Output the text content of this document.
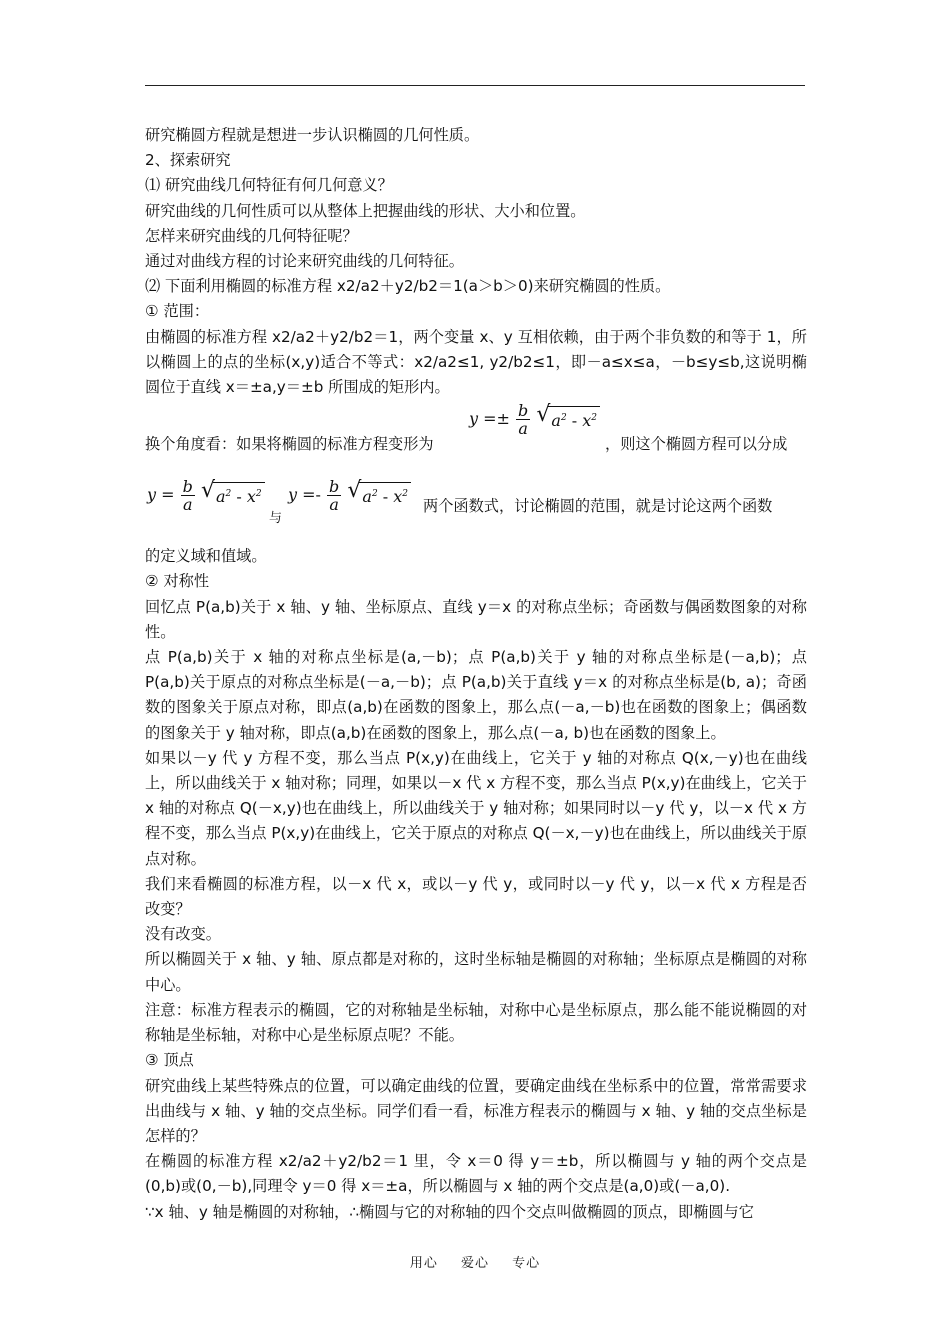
研究椭圆方程就是想进一步认识椭圆的几何性质。

2、探索研究

⑴ 研究曲线几何特征有何几何意义？

研究曲线的几何性质可以从整体上把握曲线的形状、大小和位置。

怎样来研究曲线的几何特征呢？

通过对曲线方程的讨论来研究曲线的几何特征。

⑵ 下面利用椭圆的标准方程 x2/a2＋y2/b2＝1(a＞b＞0)来研究椭圆的性质。

① 范围：

由椭圆的标准方程 x2/a2＋y2/b2＝1，两个变量 x、y 互相依赖，由于两个非负数的和等于 1，所以椭圆上的点的坐标(x,y)适合不等式：x2/a2≤1, y2/b2≤1，即－a≤x≤a，－b≤y≤b,这说明椭圆位于直线 x＝±a,y＝±b 所围成的矩形内。

换个角度看：如果将椭圆的标准方程变形为
$y =\pm \frac{b}{a}$
√ $a^2 - x^2$
，则这个椭圆方程可以分成
$y = \frac{b}{a}$
√ $a^2 - x^2$
与
$y =- \frac{b}{a}$
√ $a^2 - x^2$
两个函数式，讨论椭圆的范围，就是讨论这两个函数

的定义域和值域。

② 对称性

回忆点 P(a,b)关于 x 轴、y 轴、坐标原点、直线 y＝x 的对称点坐标；奇函数与偶函数图象的对称性。

点 P(a,b)关于 x 轴的对称点坐标是(a,－b)；点 P(a,b)关于 y 轴的对称点坐标是(－a,b)；点 P(a,b)关于原点的对称点坐标是(－a,－b)；点 P(a,b)关于直线 y＝x 的对称点坐标是(b, a)；奇函数的图象关于原点对称，即点(a,b)在函数的图象上，那么点(－a,－b)也在函数的图象上；偶函数的图象关于 y 轴对称，即点(a,b)在函数的图象上，那么点(－a, b)也在函数的图象上。

如果以－y 代 y 方程不变，那么当点 P(x,y)在曲线上，它关于 y 轴的对称点 Q(x,－y)也在曲线上，所以曲线关于 x 轴对称；同理，如果以－x 代 x 方程不变，那么当点 P(x,y)在曲线上，它关于 x 轴的对称点 Q(－x,y)也在曲线上，所以曲线关于 y 轴对称；如果同时以－y 代 y，以－x 代 x 方程不变，那么当点 P(x,y)在曲线上，它关于原点的对称点 Q(－x,－y)也在曲线上，所以曲线关于原点对称。

我们来看椭圆的标准方程，以－x 代 x，或以－y 代 y，或同时以－y 代 y，以－x 代 x 方程是否改变？

没有改变。

所以椭圆关于 x 轴、y 轴、原点都是对称的，这时坐标轴是椭圆的对称轴；坐标原点是椭圆的对称中心。

注意：标准方程表示的椭圆，它的对称轴是坐标轴，对称中心是坐标原点，那么能不能说椭圆的对称轴是坐标轴，对称中心是坐标原点呢？不能。

③ 顶点

研究曲线上某些特殊点的位置，可以确定曲线的位置，要确定曲线在坐标系中的位置，常常需要求出曲线与 x 轴、y 轴的交点坐标。同学们看一看，标准方程表示的椭圆与 x 轴、y 轴的交点坐标是怎样的？

在椭圆的标准方程 x2/a2＋y2/b2＝1 里，令 x＝0 得 y＝±b，所以椭圆与 y 轴的两个交点是(0,b)或(0,－b),同理令 y＝0 得 x＝±a，所以椭圆与 x 轴的两个交点是(a,0)或(－a,0).

∵x 轴、y 轴是椭圆的对称轴，∴椭圆与它的对称轴的四个交点叫做椭圆的顶点，即椭圆与它

用心 爱心 专心
